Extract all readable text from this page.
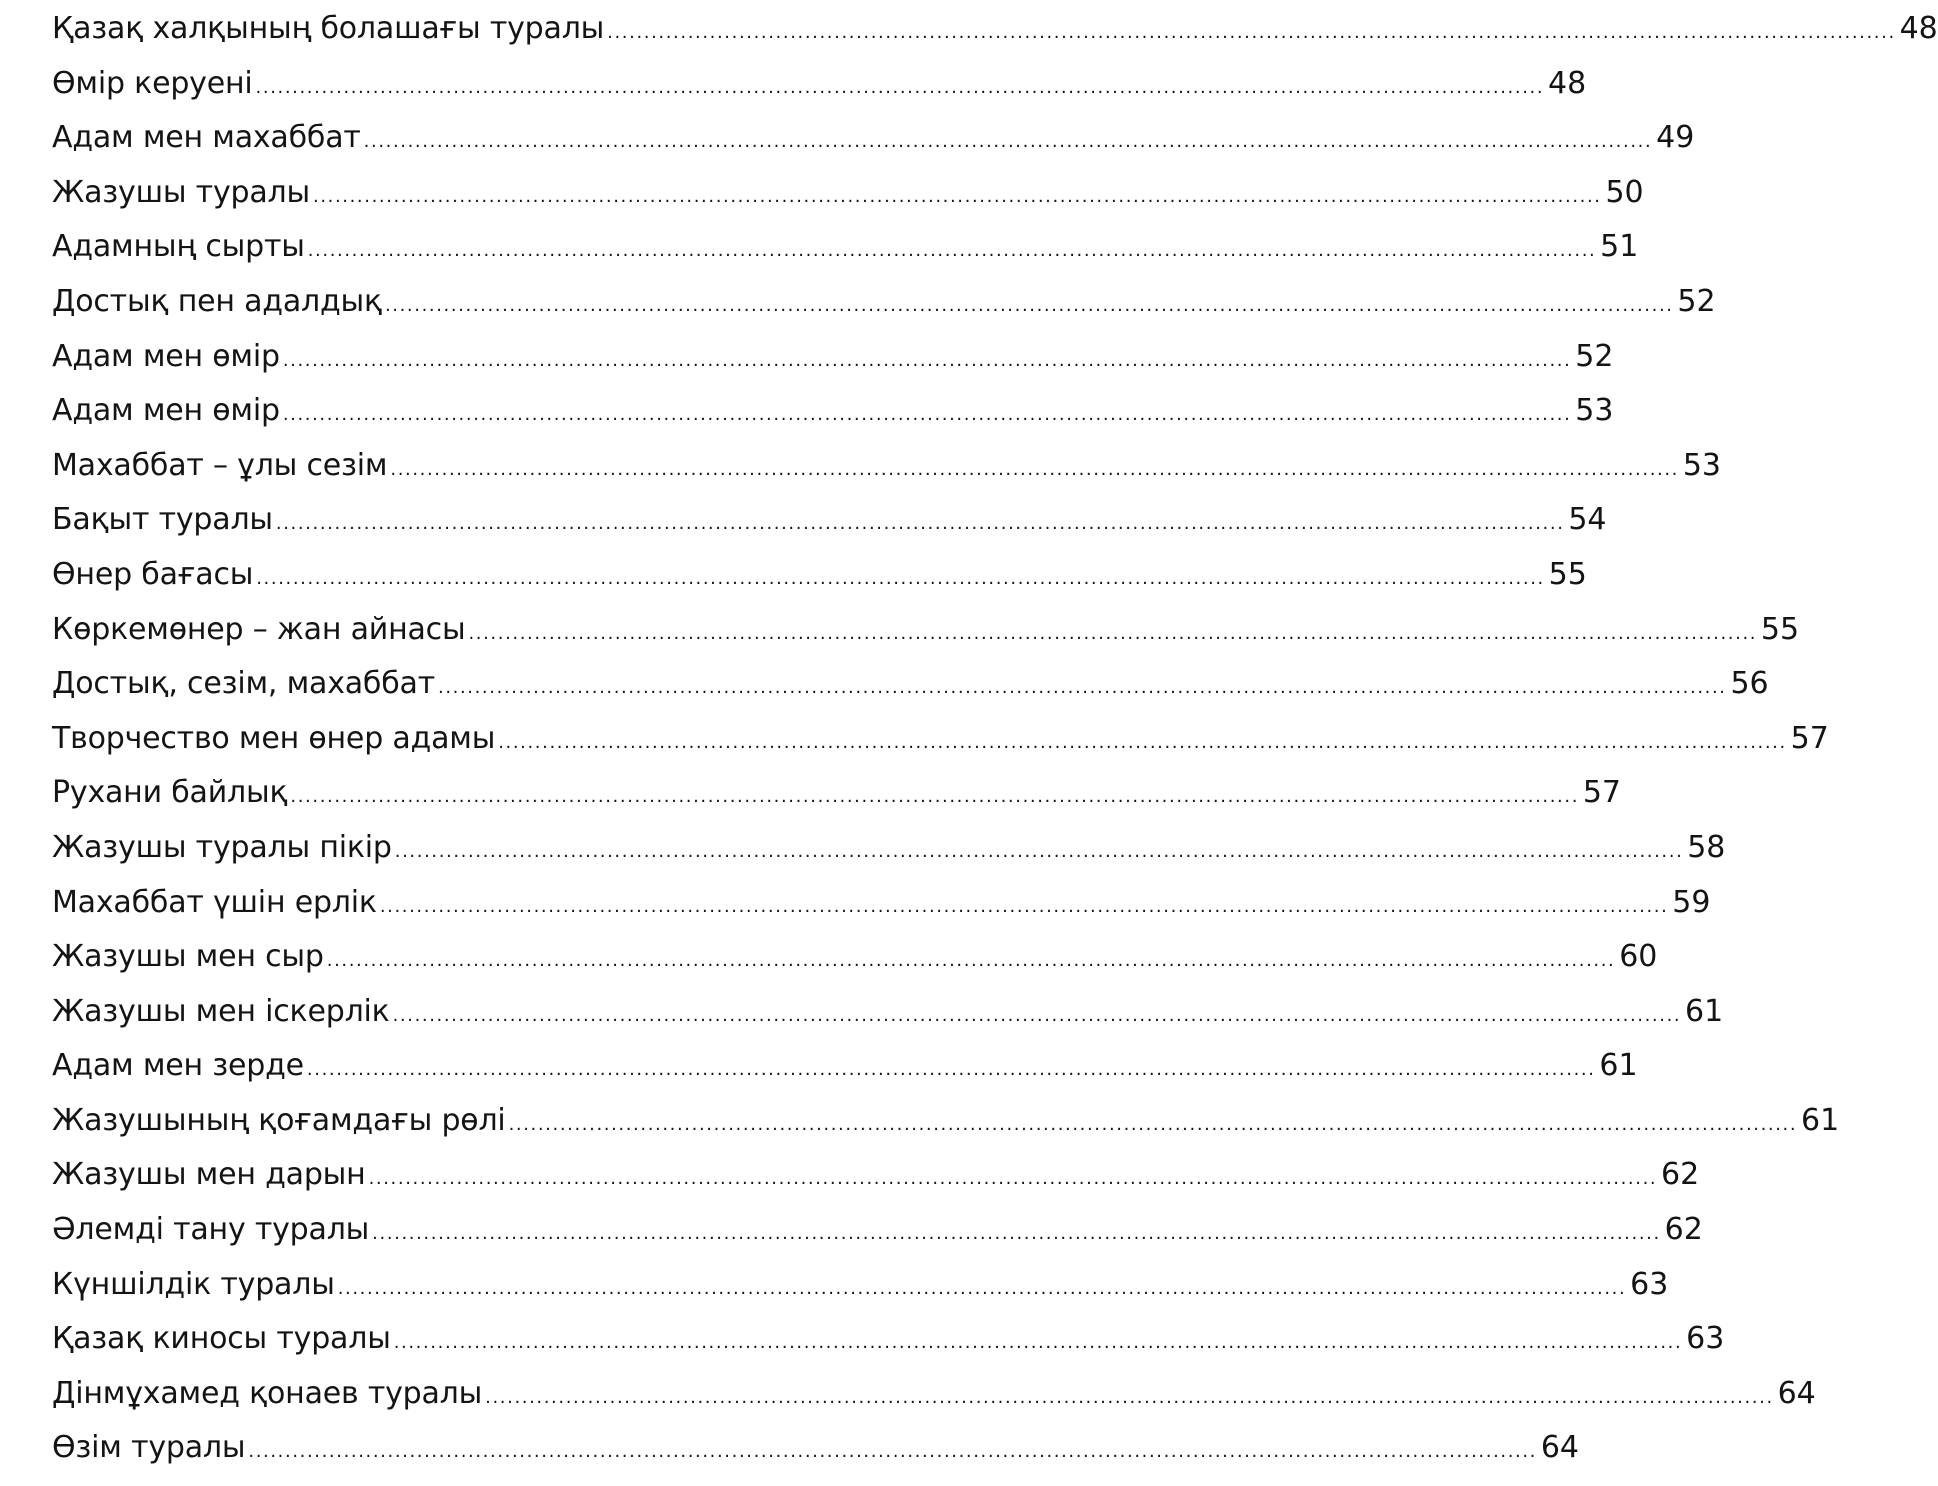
Қазақ халқының болашағы туралы .....	48
Өмір керуені .....	48
Адам мен махаббат .....	49
Жазушы туралы .....	50
Адамның сырты .....	51
Достық пен адалдық .....	52
Адам мен өмір .....	52
Адам мен өмір .....	53
Махаббат – ұлы сезім .....	53
Бақыт туралы .....	54
Өнер бағасы .....	55
Көркемөнер – жан айнасы .....	55
Достық, сезім, махаббат .....	56
Творчество мен өнер адамы .....	57
Рухани байлық .....	57
Жазушы туралы пікір .....	58
Махаббат үшін ерлік .....	59
Жазушы мен сыр .....	60
Жазушы мен іскерлік .....	61
Адам мен зерде .....	61
Жазушының қоғамдағы рөлі .....	61
Жазушы мен дарын .....	62
Әлемді тану туралы .....	62
Күншілдік туралы .....	63
Қазақ киносы туралы .....	63
Дінмұхамед қонаев туралы .....	64
Өзім туралы .....	64
